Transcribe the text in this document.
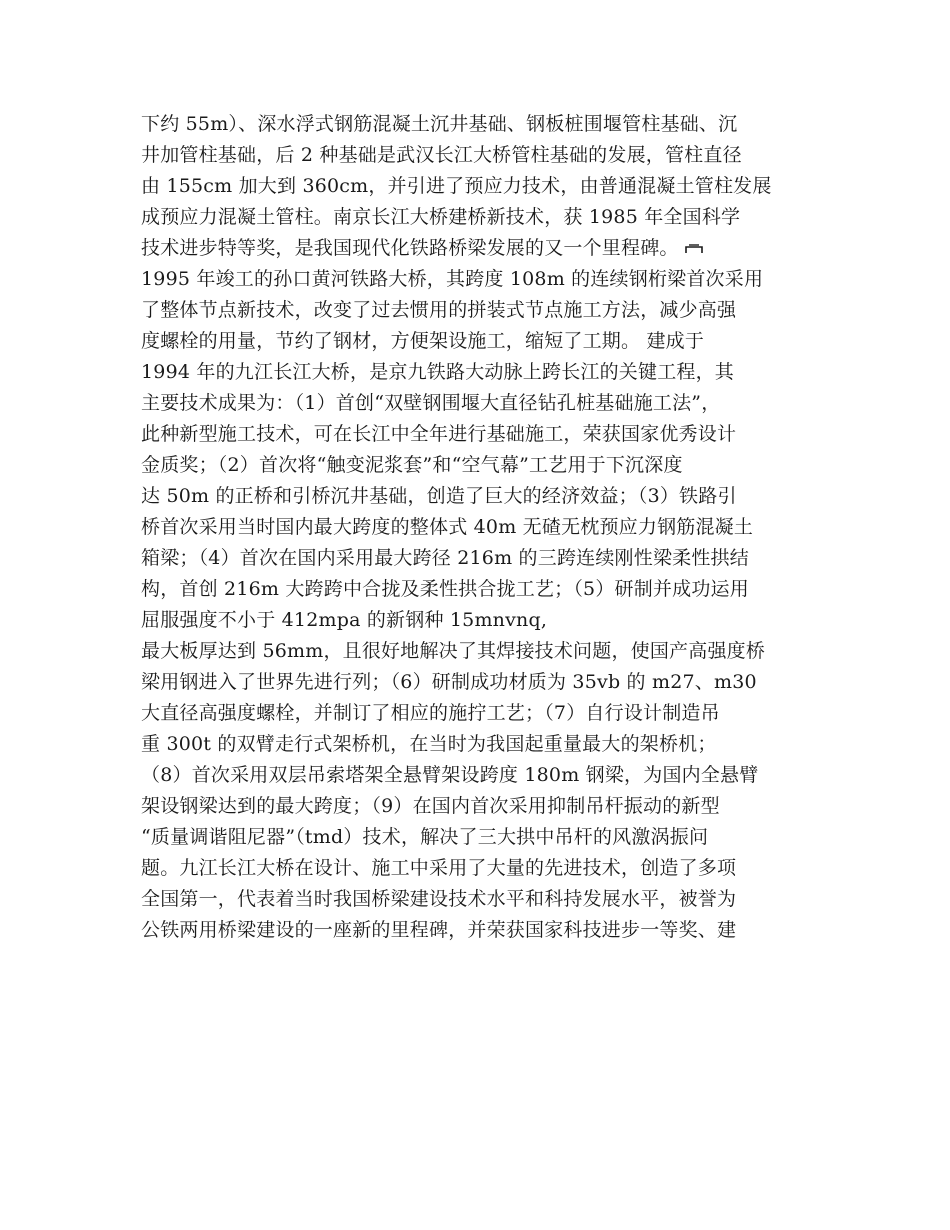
下约 55m）、深水浮式钢筋混凝土沉井基础、钢板桩围堰管柱基础、沉
井加管柱基础，后 2 种基础是武汉长江大桥管柱基础的发展，管柱直径
由 155cm 加大到 360cm，并引进了预应力技术，由普通混凝土管柱发展
成预应力混凝土管柱。南京长江大桥建桥新技术，获 1985 年全国科学
技术进步特等奖，是我国现代化铁路桥梁发展的又一个里程碑。
1995 年竣工的孙口黄河铁路大桥，其跨度 108m 的连续钢桁梁首次采用
了整体节点新技术，改变了过去惯用的拼装式节点施工方法，减少高强
度螺栓的用量，节约了钢材，方便架设施工，缩短了工期。 建成于
1994 年的九江长江大桥，是京九铁路大动脉上跨长江的关键工程，其
主要技术成果为：（1）首创“双壁钢围堰大直径钻孔桩基础施工法”，
此种新型施工技术，可在长江中全年进行基础施工，荣获国家优秀设计
金质奖；（2）首次将“触变泥浆套”和“空气幕”工艺用于下沉深度
达 50m 的正桥和引桥沉井基础，创造了巨大的经济效益；（3）铁路引
桥首次采用当时国内最大跨度的整体式 40m 无碴无枕预应力钢筋混凝土
箱梁；（4）首次在国内采用最大跨径 216m 的三跨连续刚性梁柔性拱结
构，首创 216m 大跨跨中合拢及柔性拱合拢工艺；（5）研制并成功运用
屈服强度不小于 412mpa 的新钢种 15mnvnq,
最大板厚达到 56mm，且很好地解决了其焊接技术问题，使国产高强度桥
梁用钢进入了世界先进行列；（6）研制成功材质为 35vb 的 m27、m30
大直径高强度螺栓，并制订了相应的施拧工艺；（7）自行设计制造吊
重 300t 的双臂走行式架桥机，在当时为我国起重量最大的架桥机；
（8）首次采用双层吊索塔架全悬臂架设跨度 180m 钢梁，为国内全悬臂
架设钢梁达到的最大跨度；（9）在国内首次采用抑制吊杆振动的新型
“质量调谐阻尼器”（tmd）技术，解决了三大拱中吊杆的风激涡振问
题。九江长江大桥在设计、施工中采用了大量的先进技术，创造了多项
全国第一，代表着当时我国桥梁建设技术水平和科持发展水平，被誉为
公铁两用桥梁建设的一座新的里程碑，并荣获国家科技进步一等奖、建
